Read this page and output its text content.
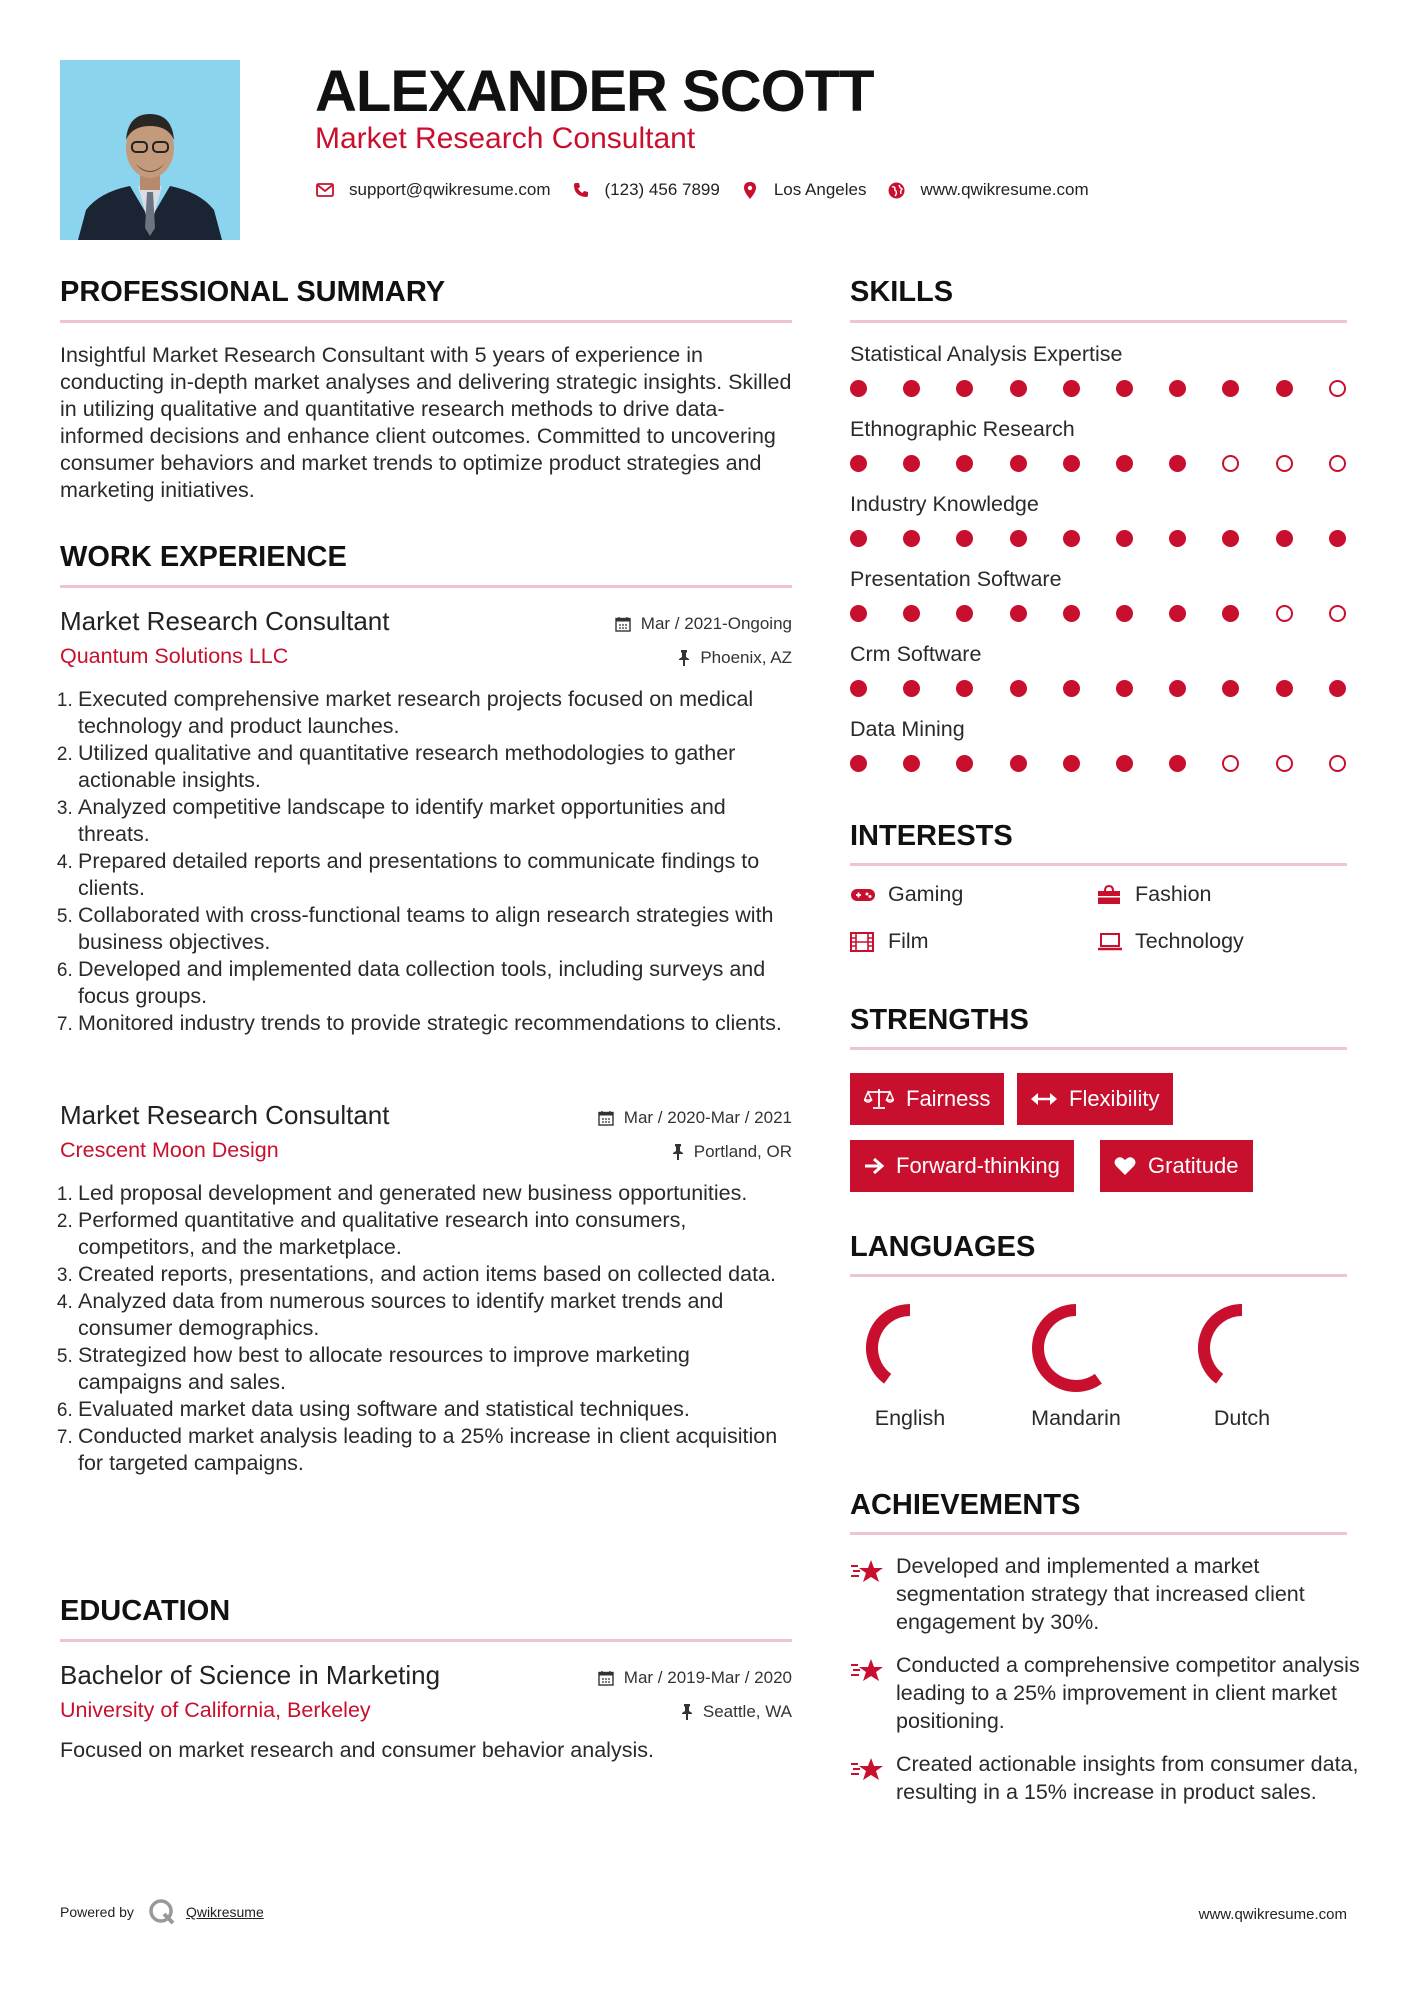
ALEXANDER SCOTT
Market Research Consultant
support@qwikresume.com	(123) 456 7899	Los Angeles	www.qwikresume.com
PROFESSIONAL SUMMARY
Insightful Market Research Consultant with 5 years of experience in conducting in-depth market analyses and delivering strategic insights. Skilled in utilizing qualitative and quantitative research methods to drive data-informed decisions and enhance client outcomes. Committed to uncovering consumer behaviors and market trends to optimize product strategies and marketing initiatives.
WORK EXPERIENCE
Market Research Consultant
Quantum Solutions LLC
Mar / 2021-Ongoing
Phoenix, AZ
1. Executed comprehensive market research projects focused on medical technology and product launches.
2. Utilized qualitative and quantitative research methodologies to gather actionable insights.
3. Analyzed competitive landscape to identify market opportunities and threats.
4. Prepared detailed reports and presentations to communicate findings to clients.
5. Collaborated with cross-functional teams to align research strategies with business objectives.
6. Developed and implemented data collection tools, including surveys and focus groups.
7. Monitored industry trends to provide strategic recommendations to clients.
Market Research Consultant
Crescent Moon Design
Mar / 2020-Mar / 2021
Portland, OR
1. Led proposal development and generated new business opportunities.
2. Performed quantitative and qualitative research into consumers, competitors, and the marketplace.
3. Created reports, presentations, and action items based on collected data.
4. Analyzed data from numerous sources to identify market trends and consumer demographics.
5. Strategized how best to allocate resources to improve marketing campaigns and sales.
6. Evaluated market data using software and statistical techniques.
7. Conducted market analysis leading to a 25% increase in client acquisition for targeted campaigns.
EDUCATION
Bachelor of Science in Marketing
University of California, Berkeley
Mar / 2019-Mar / 2020
Seattle, WA
Focused on market research and consumer behavior analysis.
SKILLS
Statistical Analysis Expertise
Ethnographic Research
Industry Knowledge
Presentation Software
Crm Software
Data Mining
INTERESTS
Gaming	Fashion
Film	Technology
STRENGTHS
Fairness	Flexibility
Forward-thinking	Gratitude
LANGUAGES
English	Mandarin	Dutch
ACHIEVEMENTS
Developed and implemented a market segmentation strategy that increased client engagement by 30%.
Conducted a comprehensive competitor analysis leading to a 25% improvement in client market positioning.
Created actionable insights from consumer data, resulting in a 15% increase in product sales.
Powered by	Qwikresume	www.qwikresume.com
